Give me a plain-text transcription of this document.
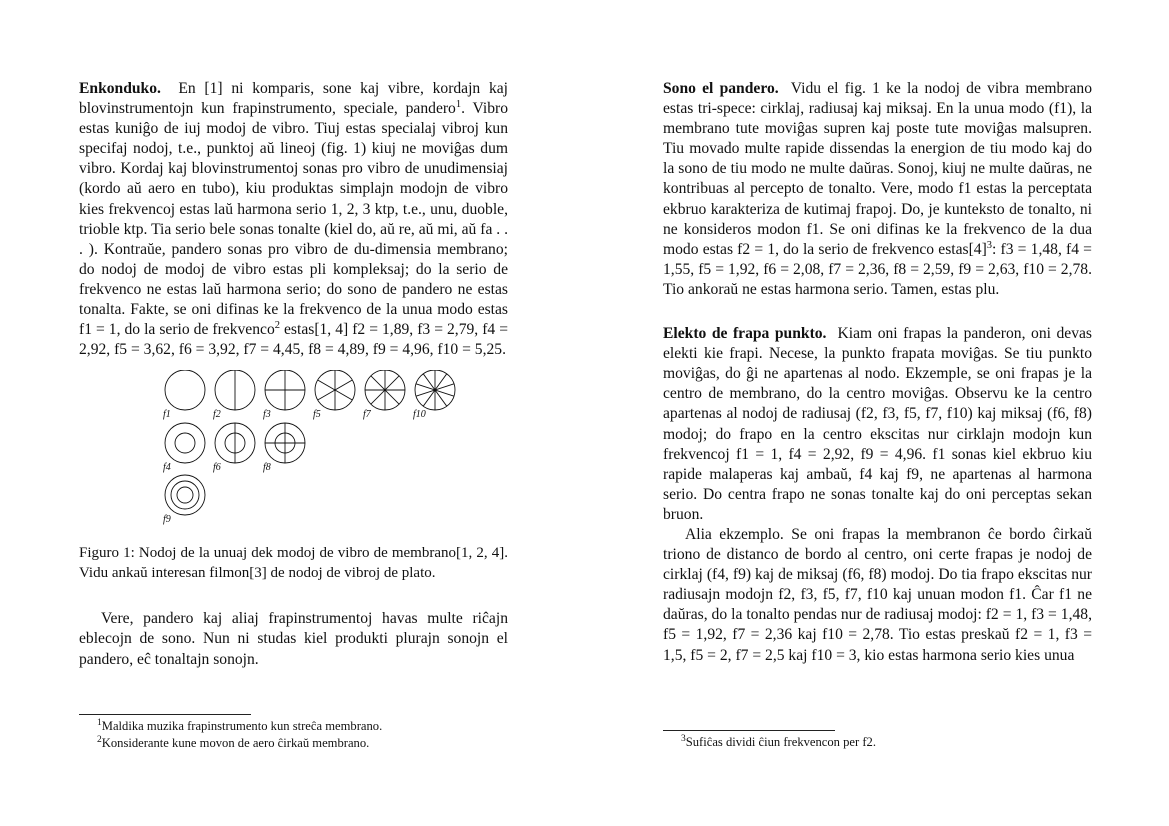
Enkonduko. En [1] ni komparis, sone kaj vibre, kordajn kaj blovinstrumentojn kun frapinstrumento, speciale, pandero$^1$. Vibro estas kuniĝo de iuj modoj de vibro. Tiuj estas specialaj vibroj kun specifaj nodoj, t.e., punktoj aŭ lineoj (fig. 1) kiuj ne moviĝas dum vibro. Kordaj kaj blovinstrumentoj sonas pro vibro de unudimensiaj (kordo aŭ aero en tubo), kiu produktas simplajn modojn de vibro kies frekvencoj estas laŭ harmona serio 1, 2, 3 ktp, t.e., unu, duoble, trioble ktp. Tia serio bele sonas tonalte (kiel do, aŭ re, aŭ mi, aŭ fa . . . ). Kontraŭe, pandero sonas pro vibro de du-dimensia membrano; do nodoj de modoj de vibro estas pli kompleksaj; do la serio de frekvenco ne estas laŭ harmona serio; do sono de pandero ne estas tonalta. Fakte, se oni difinas ke la frekvenco de la unua modo estas f1 = 1, do la serio de frekvenco$^2$ estas[1, 4] f2 = 1,89, f3 = 2,79, f4 = 2,92, f5 = 3,62, f6 = 3,92, f7 = 4,45, f8 = 4,89, f9 = 4,96, f10 = 5,25.

f1	f2	f3	f5	f7	f10
f4	f6	f8
f9

Figuro 1: Nodoj de la unuaj dek modoj de vibro de membrano[1, 2, 4]. Vidu ankaŭ interesan filmon[3] de nodoj de vibroj de plato.

Vere, pandero kaj aliaj frapinstrumentoj havas multe riĉajn eblecojn de sono. Nun ni studas kiel produkti plurajn sonojn el pandero, eĉ tonaltajn sonojn.

$^1$Maldika muzika frapinstrumento kun streĉa membrano.
$^2$Konsiderante kune movon de aero ĉirkaŭ membrano.

Sono el pandero. Vidu el fig. 1 ke la nodoj de vibra membrano estas tri-spece: cirklaj, radiusaj kaj miksaj. En la unua modo (f1), la membrano tute moviĝas supren kaj poste tute moviĝas malsupren. Tiu movado multe rapide dissendas la energion de tiu modo kaj do la sono de tiu modo ne multe daŭras. Sonoj, kiuj ne multe daŭras, ne kontribuas al percepto de tonalto. Vere, modo f1 estas la perceptata ekbruo karakteriza de kutimaj frapoj. Do, je kunteksto de tonalto, ni ne konsideros modon f1. Se oni difinas ke la frekvenco de la dua modo estas f2 = 1, do la serio de frekvenco $estas[4]^3$: f3 = 1,48, f4 = 1,55, f5 = 1,92, f6 = 2,08, f7 = 2,36, f8 = 2,59, f9 = 2,63, f10 = 2,78. Tio ankoraŭ ne estas harmona serio. Tamen, estas plu.

Elekto de frapa punkto. Kiam oni frapas la panderon, oni devas elekti kie frapi. Necese, la punkto frapata moviĝas. Se tiu punkto moviĝas, do ĝi ne apartenas al nodo. Ekzemple, se oni frapas je la centro de membrano, do la centro moviĝas. Observu ke la centro apartenas al nodoj de radiusaj (f2, f3, f5, f7, f10) kaj miksaj (f6, f8) modoj; do frapo en la centro ekscitas nur cirklajn modojn kun frekvencoj f1 = 1, f4 = 2,92, f9 = 4,96. f1 sonas kiel ekbruo kiu rapide malaperas kaj ambaŭ, f4 kaj f9, ne apartenas al harmona serio. Do centra frapo ne sonas tonalte kaj do oni perceptas sekan bruon.

Alia ekzemplo. Se oni frapas la membranon ĉe bordo ĉirkaŭ triono de distanco de bordo al centro, oni certe frapas je nodoj de cirklaj (f4, f9) kaj de miksaj (f6, f8) modoj. Do tia frapo ekscitas nur radiusajn modojn f2, f3, f5, f7, f10 kaj unuan modon f1. Ĉar f1 ne daŭras, do la tonalto pendas nur de radiusaj modoj: f2 = 1, f3 = 1,48, f5 = 1,92, f7 = 2,36 kaj f10 = 2,78. Tio estas preskaŭ f2 = 1, f3 = 1,5, f5 = 2, f7 = 2,5 kaj f10 = 3, kio estas harmona serio kies unua

$^3$Sufiĉas dividi ĉiun frekvencon per f2.
